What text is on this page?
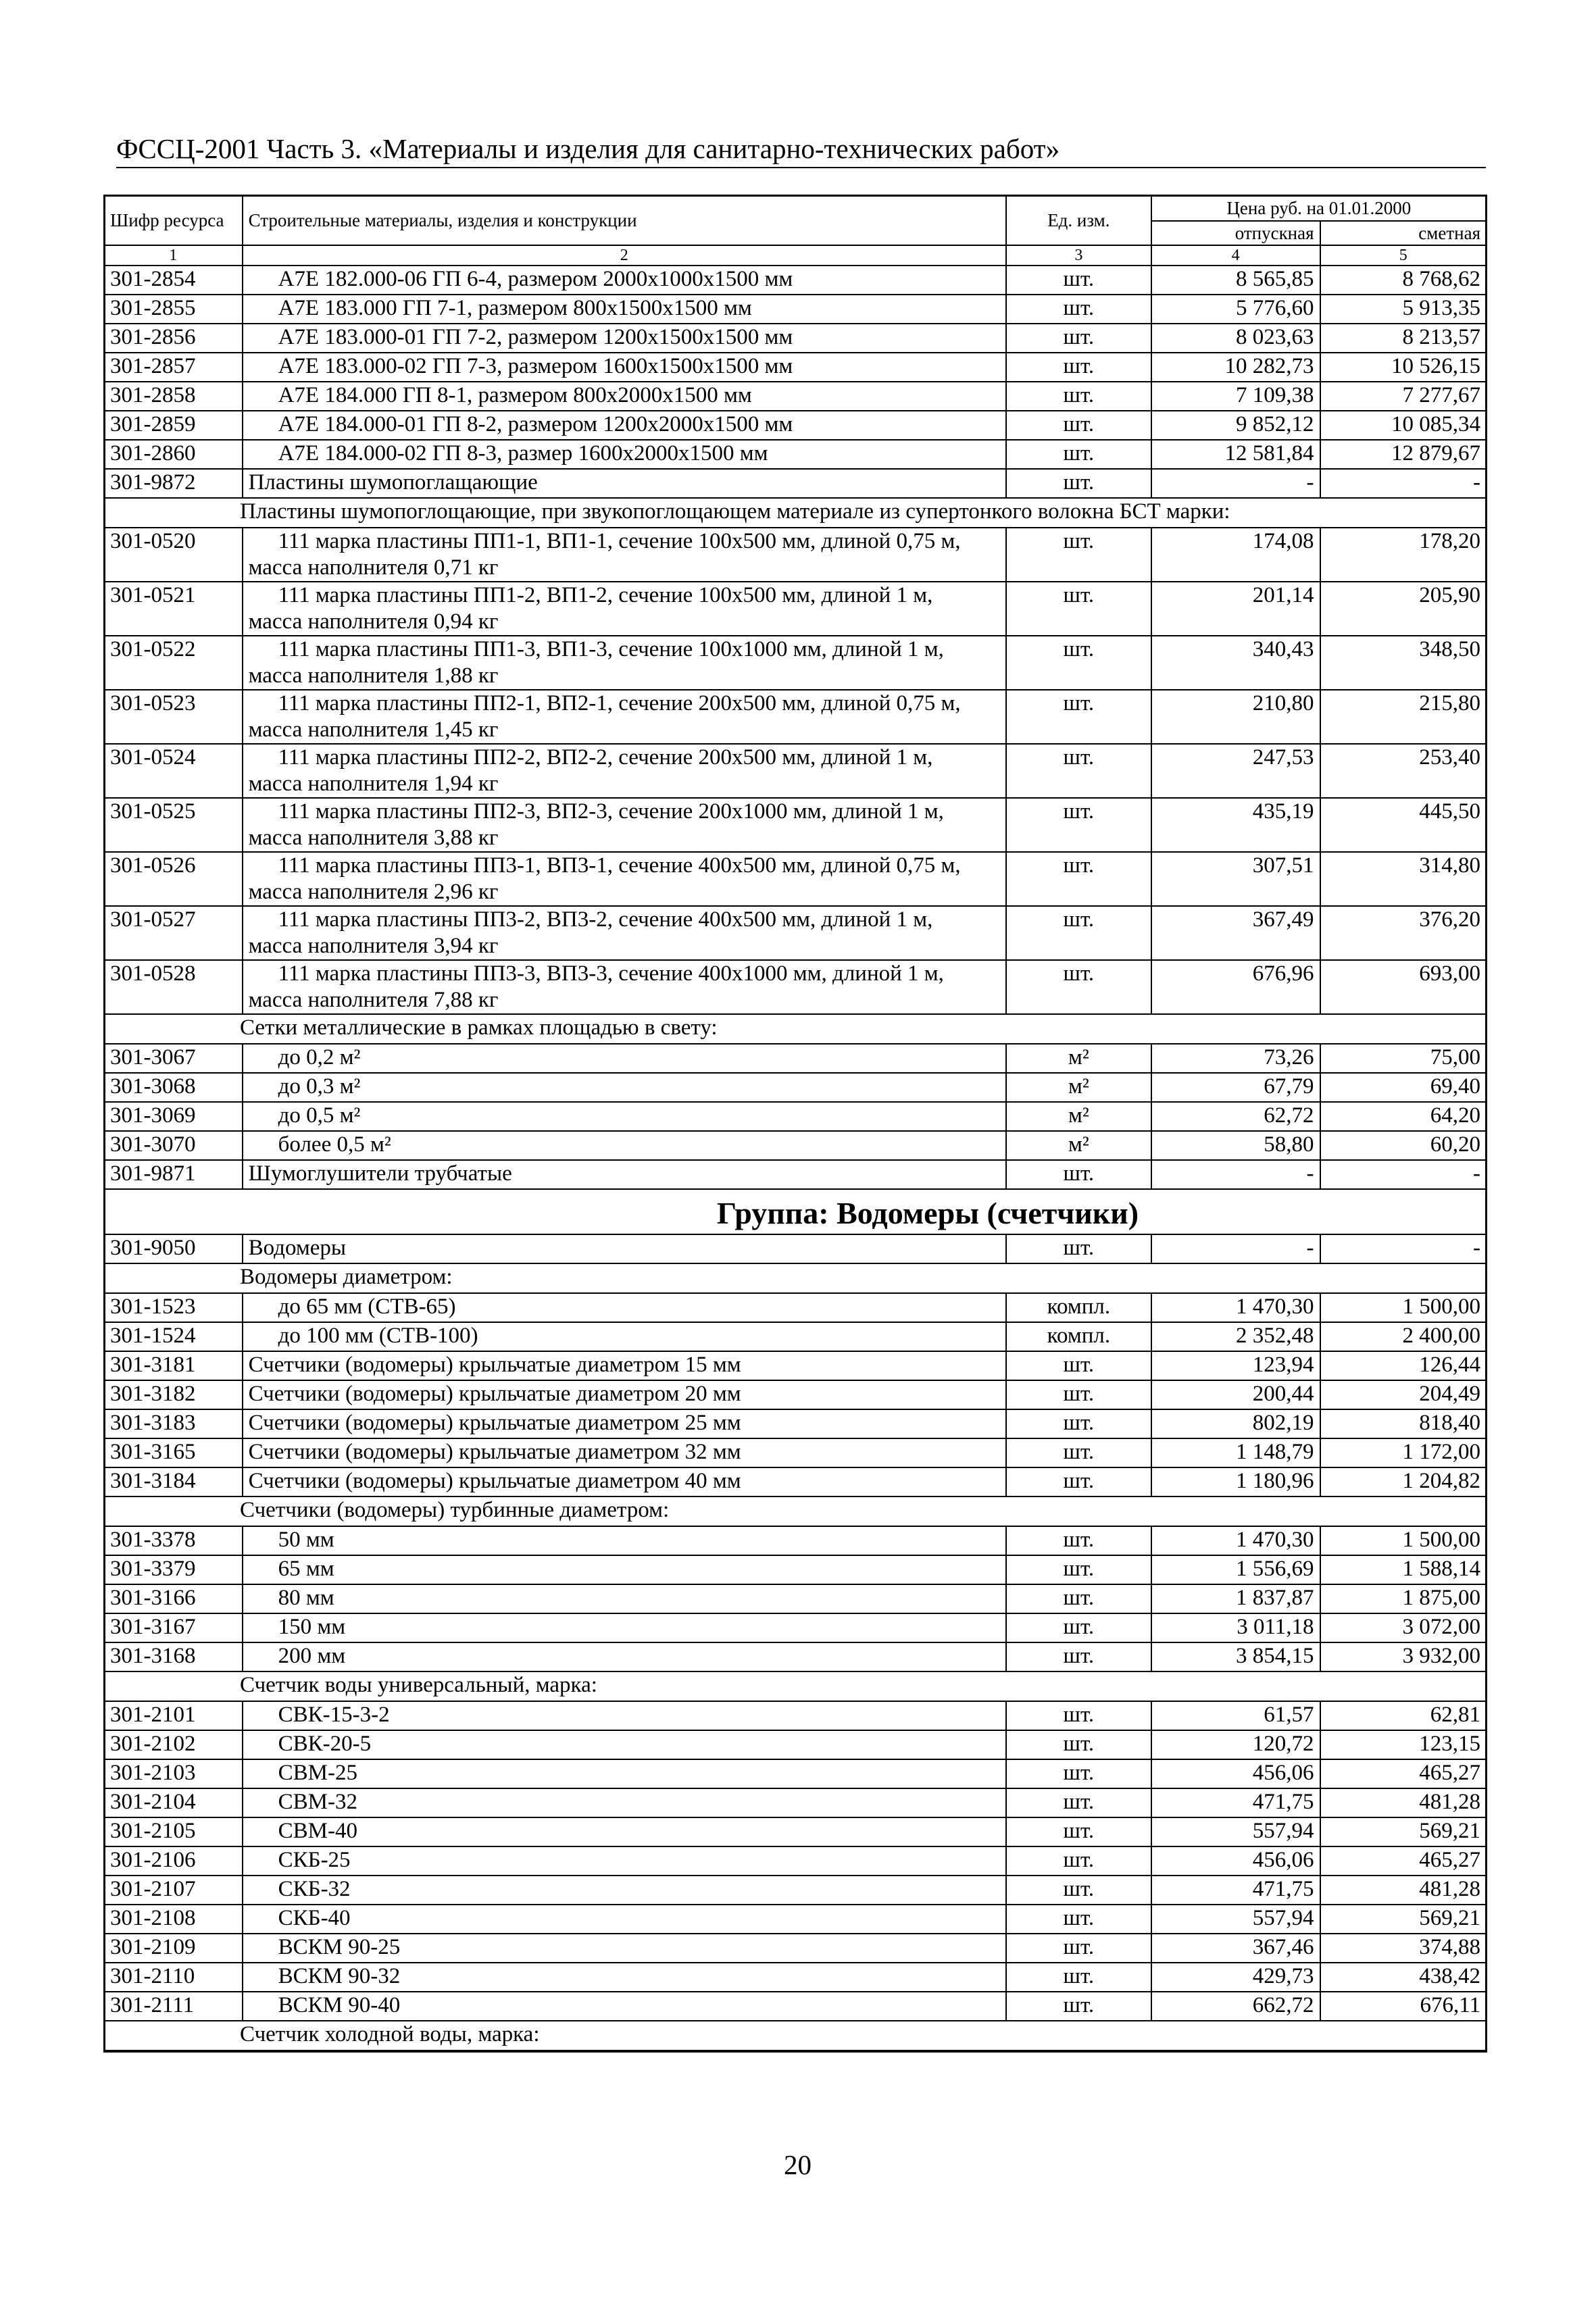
ФССЦ-2001 Часть 3. «Материалы и изделия для санитарно-технических работ»
Шифр ресурса	Строительные материалы, изделия и конструкции	Ед. изм.	Цена руб. на 01.01.2000	
			отпускная	сметная
1	2	3	4	5
301-2854	А7Е 182.000-06 ГП 6-4, размером 2000х1000х1500 мм	шт.	8 565,85	8 768,62
301-2855	А7Е 183.000 ГП 7-1, размером 800х1500х1500 мм	шт.	5 776,60	5 913,35
301-2856	А7Е 183.000-01 ГП 7-2, размером 1200х1500х1500 мм	шт.	8 023,63	8 213,57
301-2857	А7Е 183.000-02 ГП 7-3, размером 1600х1500х1500 мм	шт.	10 282,73	10 526,15
301-2858	А7Е 184.000 ГП 8-1, размером 800х2000х1500 мм	шт.	7 109,38	7 277,67
301-2859	А7Е 184.000-01 ГП 8-2, размером 1200х2000х1500 мм	шт.	9 852,12	10 085,34
301-2860	А7Е 184.000-02 ГП 8-3, размер 1600х2000х1500 мм	шт.	12 581,84	12 879,67
301-9872	Пластины шумопоглащающие	шт.	-	-
Пластины шумопоглощающие, при звукопоглощающем материале из супертонкого волокна БСТ марки:				
301-0520	111 марка пластины ПП1-1, ВП1-1, сечение 100х500 мм, длиной 0,75 м,
масса наполнителя 0,71 кг	шт.	174,08	178,20
301-0521	111 марка пластины ПП1-2, ВП1-2, сечение 100х500 мм, длиной 1 м,
масса наполнителя 0,94 кг	шт.	201,14	205,90
301-0522	111 марка пластины ПП1-3, ВП1-3, сечение 100х1000 мм, длиной 1 м,
масса наполнителя 1,88 кг	шт.	340,43	348,50
301-0523	111 марка пластины ПП2-1, ВП2-1, сечение 200х500 мм, длиной 0,75 м,
масса наполнителя 1,45 кг	шт.	210,80	215,80
301-0524	111 марка пластины ПП2-2, ВП2-2, сечение 200х500 мм, длиной 1 м,
масса наполнителя 1,94 кг	шт.	247,53	253,40
301-0525	111 марка пластины ПП2-3, ВП2-3, сечение 200х1000 мм, длиной 1 м,
масса наполнителя 3,88 кг	шт.	435,19	445,50
301-0526	111 марка пластины ПП3-1, ВП3-1, сечение 400х500 мм, длиной 0,75 м,
масса наполнителя 2,96 кг	шт.	307,51	314,80
301-0527	111 марка пластины ПП3-2, ВП3-2, сечение 400х500 мм, длиной 1 м,
масса наполнителя 3,94 кг	шт.	367,49	376,20
301-0528	111 марка пластины ПП3-3, ВП3-3, сечение 400х1000 мм, длиной 1 м,
масса наполнителя 7,88 кг	шт.	676,96	693,00
Сетки металлические в рамках площадью в свету:				
301-3067	до 0,2 м²	м²	73,26	75,00
301-3068	до 0,3 м²	м²	67,79	69,40
301-3069	до 0,5 м²	м²	62,72	64,20
301-3070	более 0,5 м²	м²	58,80	60,20
301-9871	Шумоглушители трубчатые	шт.	-	-
Группа: Водомеры (счетчики)				
301-9050	Водомеры	шт.	-	-
Водомеры диаметром:				
301-1523	до 65 мм (СТВ-65)	компл.	1 470,30	1 500,00
301-1524	до 100 мм (СТВ-100)	компл.	2 352,48	2 400,00
301-3181	Счетчики (водомеры) крыльчатые диаметром 15 мм	шт.	123,94	126,44
301-3182	Счетчики (водомеры) крыльчатые диаметром 20 мм	шт.	200,44	204,49
301-3183	Счетчики (водомеры) крыльчатые диаметром 25 мм	шт.	802,19	818,40
301-3165	Счетчики (водомеры) крыльчатые диаметром 32 мм	шт.	1 148,79	1 172,00
301-3184	Счетчики (водомеры) крыльчатые диаметром 40 мм	шт.	1 180,96	1 204,82
Счетчики (водомеры) турбинные диаметром:				
301-3378	50 мм	шт.	1 470,30	1 500,00
301-3379	65 мм	шт.	1 556,69	1 588,14
301-3166	80 мм	шт.	1 837,87	1 875,00
301-3167	150 мм	шт.	3 011,18	3 072,00
301-3168	200 мм	шт.	3 854,15	3 932,00
Счетчик воды универсальный, марка:				
301-2101	СВК-15-3-2	шт.	61,57	62,81
301-2102	СВК-20-5	шт.	120,72	123,15
301-2103	СВМ-25	шт.	456,06	465,27
301-2104	СВМ-32	шт.	471,75	481,28
301-2105	СВМ-40	шт.	557,94	569,21
301-2106	СКБ-25	шт.	456,06	465,27
301-2107	СКБ-32	шт.	471,75	481,28
301-2108	СКБ-40	шт.	557,94	569,21
301-2109	ВСКМ 90-25	шт.	367,46	374,88
301-2110	ВСКМ 90-32	шт.	429,73	438,42
301-2111	ВСКМ 90-40	шт.	662,72	676,11
Счетчик холодной воды, марка:				
20
